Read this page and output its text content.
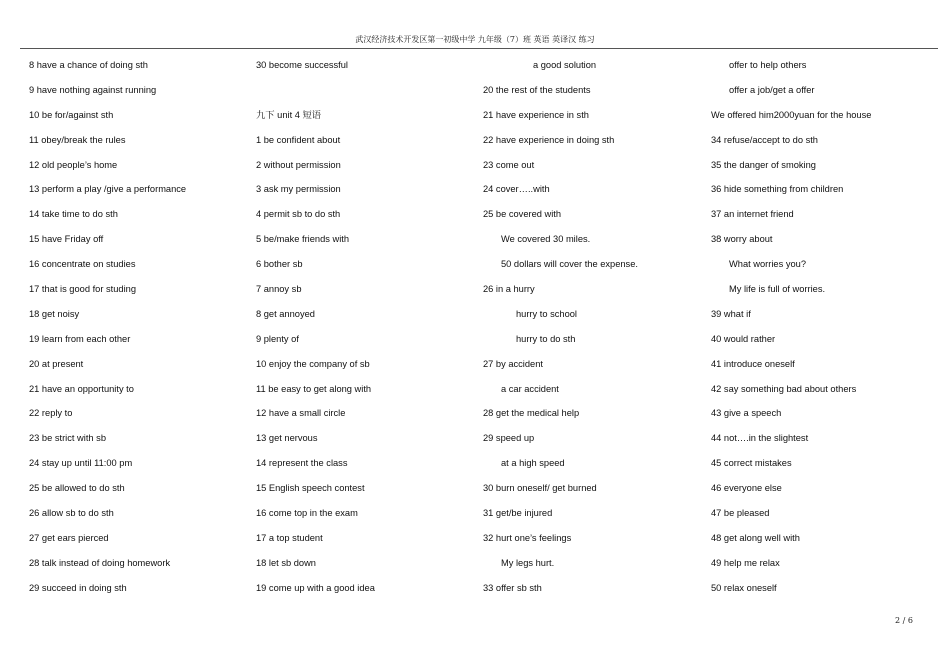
武汉经济技术开发区第一初级中学 九年级（7）班 英语 英译汉 练习
8 have a chance of doing sth
9 have nothing against running
10 be for/against sth
11 obey/break the rules
12 old people’s home
13 perform a play /give a performance
14 take time to do sth
15 have Friday off
16 concentrate on studies
17 that is good for studing
18 get noisy
19 learn from each other
20 at present
21 have an opportunity to
22 reply to
23 be strict with sb
24 stay up until 11:00 pm
25 be allowed to do sth
26 allow sb to do sth
27 get ears pierced
28 talk instead of doing homework
29 succeed in doing sth
30 become successful
九下 unit 4 短语
1 be confident about
2 without permission
3 ask my permission
4 permit sb to do sth
5 be/make friends with
6 bother sb
7 annoy sb
8 get annoyed
9 plenty of
10 enjoy the company of sb
11 be easy to get along with
12 have a small circle
13 get nervous
14 represent the class
15 English speech contest
16 come top in the exam
17 a top student
18 let sb down
19 come up with a good idea
a good solution
20 the rest of the students
21 have experience in sth
22 have experience in doing sth
23 come out
24 cover…..with
25 be covered with
We covered 30 miles.
50 dollars will cover the expense.
26 in a hurry
hurry to school
hurry to do sth
27 by accident
a car accident
28 get the medical help
29 speed up
at a high speed
30 burn oneself/ get burned
31 get/be injured
32 hurt one’s feelings
My legs hurt.
33 offer sb sth
offer to help others
offer a job/get a offer
We offered him2000yuan for the house
34 refuse/accept to do sth
35 the danger of smoking
36 hide something from children
37 an internet friend
38 worry about
What worries you?
My life is full of worries.
39 what if
40 would rather
41 introduce oneself
42 say something bad about others
43 give a speech
44 not….in the slightest
45 correct mistakes
46 everyone else
47 be pleased
48 get along well with
49 help me relax
50 relax oneself
2 / 6
